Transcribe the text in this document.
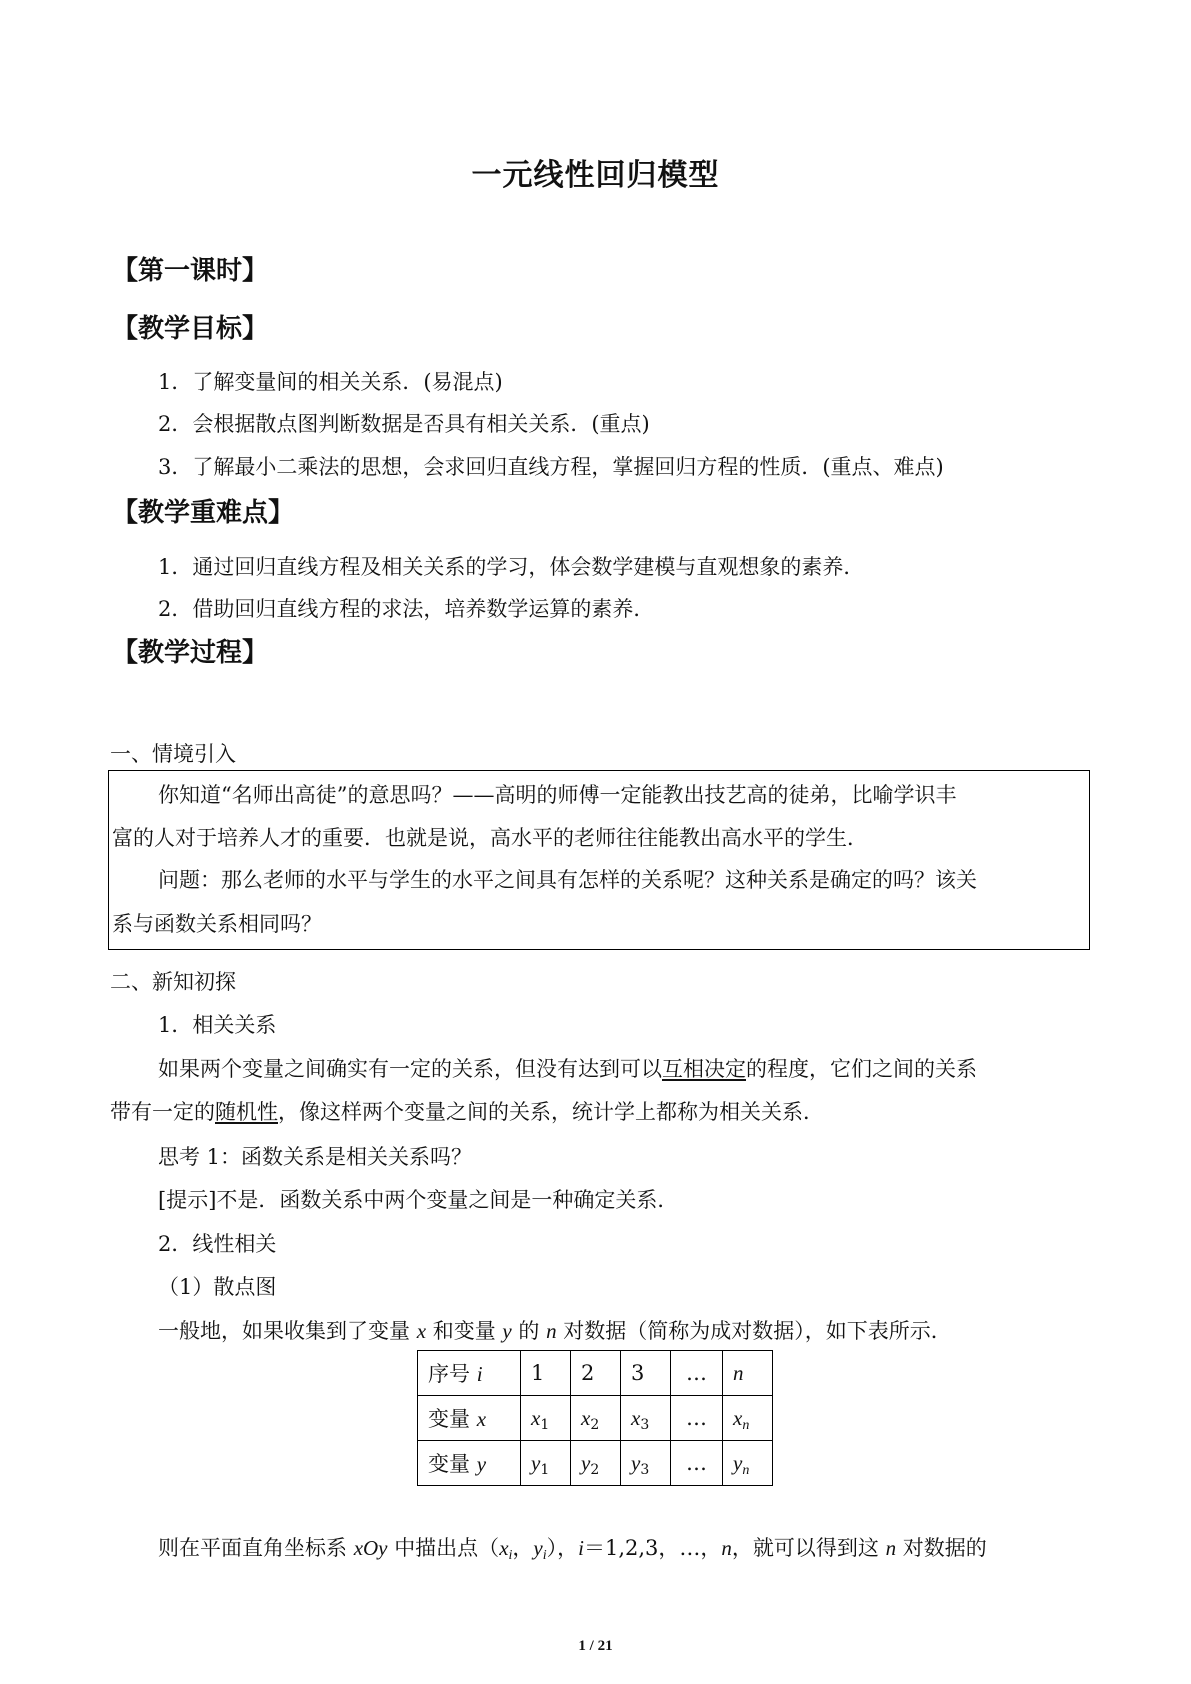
一元线性回归模型
【第一课时】
【教学目标】
1．了解变量间的相关关系．(易混点)
2．会根据散点图判断数据是否具有相关关系．(重点)
3．了解最小二乘法的思想，会求回归直线方程，掌握回归方程的性质．(重点、难点)
【教学重难点】
1．通过回归直线方程及相关关系的学习，体会数学建模与直观想象的素养．
2．借助回归直线方程的求法，培养数学运算的素养．
【教学过程】
一、情境引入
你知道“名师出高徒”的意思吗？——高明的师傅一定能教出技艺高的徒弟，比喻学识丰
富的人对于培养人才的重要．也就是说，高水平的老师往往能教出高水平的学生．
问题：那么老师的水平与学生的水平之间具有怎样的关系呢？这种关系是确定的吗？该关
系与函数关系相同吗？
二、新知初探
1．相关关系
如果两个变量之间确实有一定的关系，但没有达到可以互相决定的程度，它们之间的关系
带有一定的随机性，像这样两个变量之间的关系，统计学上都称为相关关系．
思考 1：函数关系是相关关系吗？
[提示]不是．函数关系中两个变量之间是一种确定关系．
2．线性相关
（1）散点图
一般地，如果收集到了变量 x 和变量 y 的 n 对数据（简称为成对数据），如下表所示．
序号 i	1	2	3	…	n
变量 x	$x_1$	$x_2$	$x_3$	…	$x_n$
变量 y	$y_1$	$y_2$	$y_3$	…	$y_n$
则在平面直角坐标系 xOy 中描出点（$x_i$，$y_i$），i＝1,2,3，…，n，就可以得到这 n 对数据的
1 / 21
